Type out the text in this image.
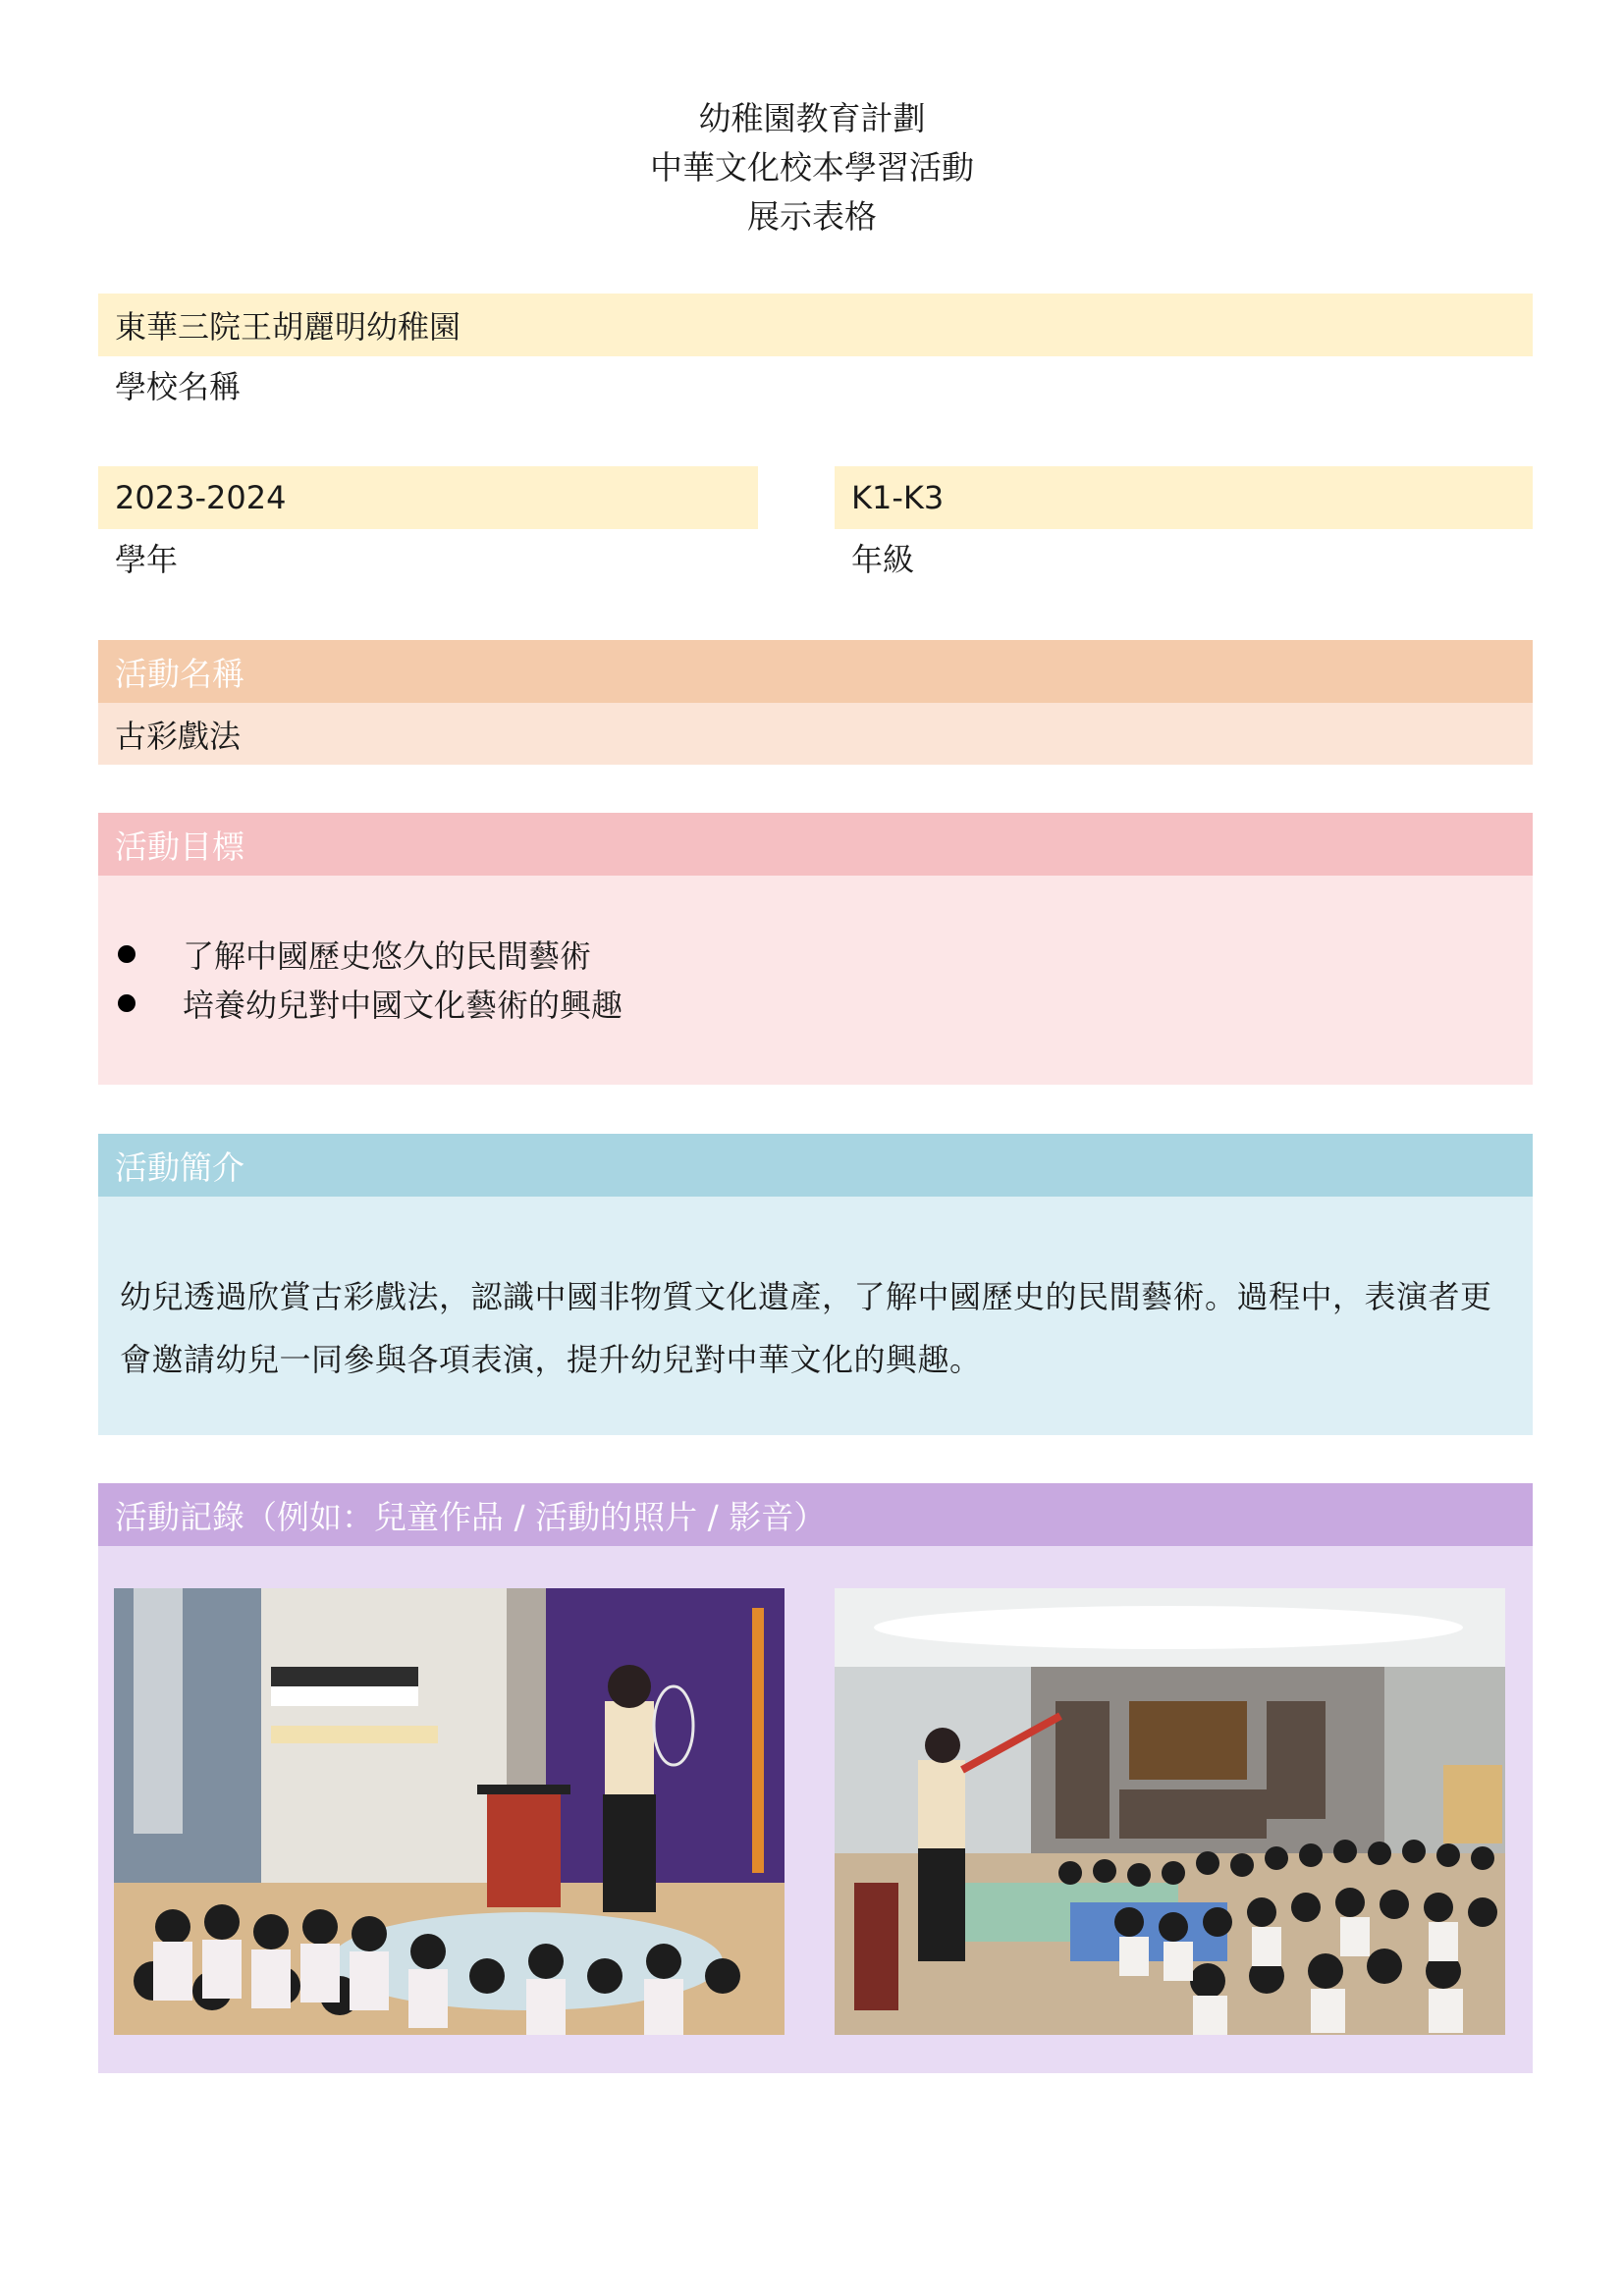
幼稚園教育計劃
中華文化校本學習活動
展示表格
東華三院王胡麗明幼稚園
學校名稱
2023-2024
學年
K1-K3
年級
活動名稱
古彩戲法
活動目標
了解中國歷史悠久的民間藝術
培養幼兒對中國文化藝術的興趣
活動簡介
幼兒透過欣賞古彩戲法，認識中國非物質文化遺產，了解中國歷史的民間藝術。過程中，表演者更
會邀請幼兒一同參與各項表演，提升幼兒對中華文化的興趣。
活動記錄（例如：兒童作品 / 活動的照片 / 影音）
